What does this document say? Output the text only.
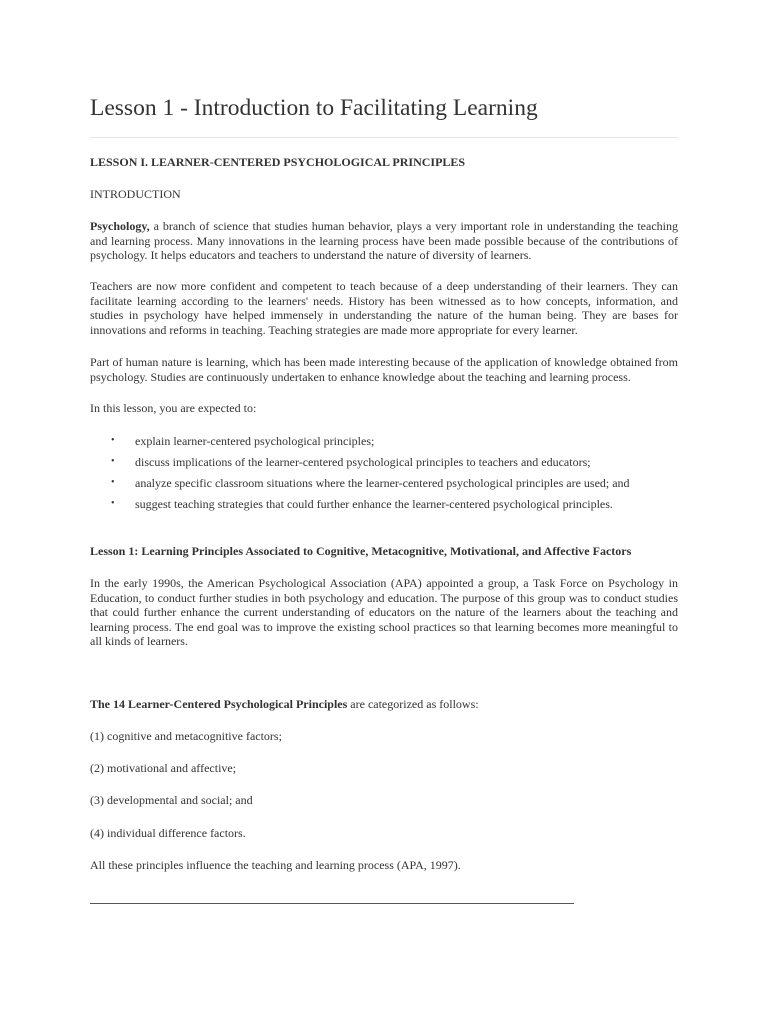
Lesson 1 - Introduction to Facilitating Learning

LESSON I. LEARNER-CENTERED PSYCHOLOGICAL PRINCIPLES

INTRODUCTION

Psychology, a branch of science that studies human behavior, plays a very important role in understanding the teaching and learning process. Many innovations in the learning process have been made possible because of the contributions of psychology. It helps educators and teachers to understand the nature of diversity of learners.

Teachers are now more confident and competent to teach because of a deep understanding of their learners. They can facilitate learning according to the learners' needs. History has been witnessed as to how concepts, information, and studies in psychology have helped immensely in understanding the nature of the human being. They are bases for innovations and reforms in teaching. Teaching strategies are made more appropriate for every learner.

Part of human nature is learning, which has been made interesting because of the application of knowledge obtained from psychology. Studies are continuously undertaken to enhance knowledge about the teaching and learning process.

In this lesson, you are expected to:

• explain learner-centered psychological principles;
• discuss implications of the learner-centered psychological principles to teachers and educators;
• analyze specific classroom situations where the learner-centered psychological principles are used; and
• suggest teaching strategies that could further enhance the learner-centered psychological principles.

Lesson 1: Learning Principles Associated to Cognitive, Metacognitive, Motivational, and Affective Factors

In the early 1990s, the American Psychological Association (APA) appointed a group, a Task Force on Psychology in Education, to conduct further studies in both psychology and education. The purpose of this group was to conduct studies that could further enhance the current understanding of educators on the nature of the learners about the teaching and learning process. The end goal was to improve the existing school practices so that learning becomes more meaningful to all kinds of learners.

The 14 Learner-Centered Psychological Principles are categorized as follows:

(1) cognitive and metacognitive factors;

(2) motivational and affective;

(3) developmental and social; and

(4) individual difference factors.

All these principles influence the teaching and learning process (APA, 1997).
